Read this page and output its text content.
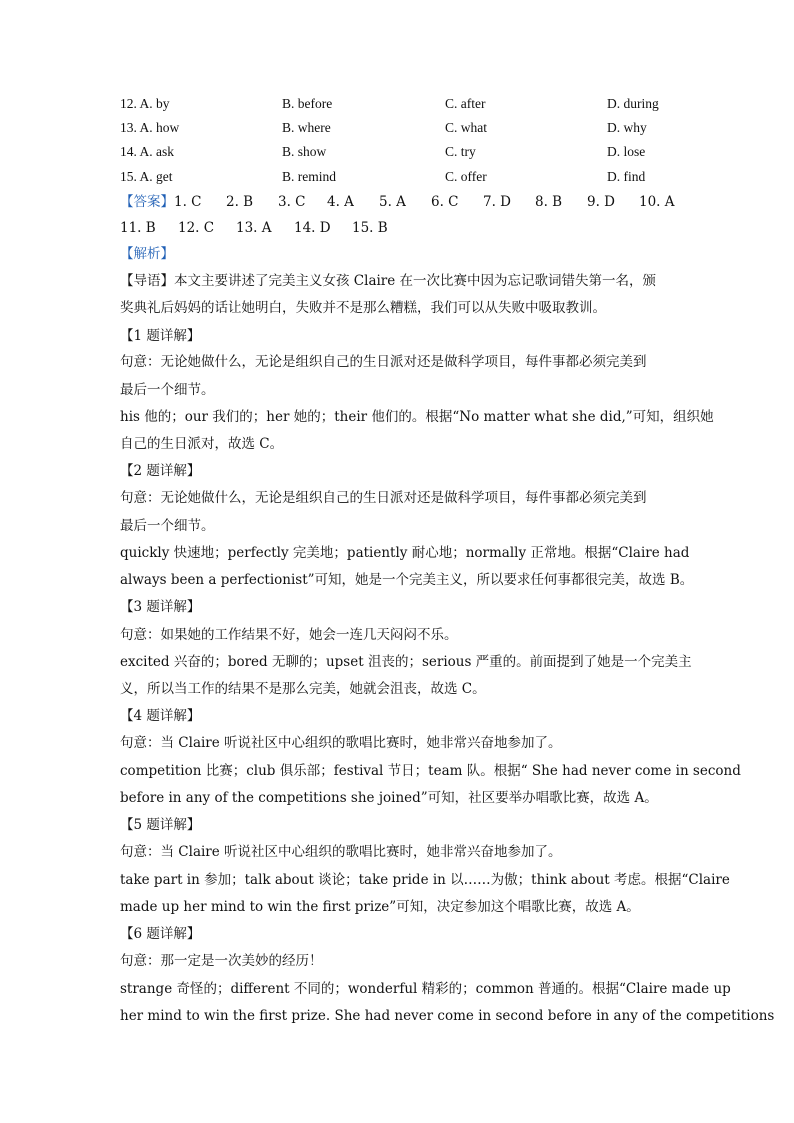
12. A. by	B. before	C. after	D. during
13. A. how	B. where	C. what	D. why
14. A. ask	B. show	C. try	D. lose
15. A. get	B. remind	C. offer	D. find
【答案】1. C 2. B 3. C 4. A 5. A 6. C 7. D 8. B 9. D 10. A
11. B 12. C 13. A 14. D 15. B
【解析】
【导语】本文主要讲述了完美主义女孩 Claire 在一次比赛中因为忘记歌词错失第一名，颁
奖典礼后妈妈的话让她明白，失败并不是那么糟糕，我们可以从失败中吸取教训。
【1 题详解】
句意：无论她做什么，无论是组织自己的生日派对还是做科学项目，每件事都必须完美到
最后一个细节。
his 他的；our 我们的；her 她的；their 他们的。根据“No matter what she did,”可知，组织她
自己的生日派对，故选 C。
【2 题详解】
句意：无论她做什么，无论是组织自己的生日派对还是做科学项目，每件事都必须完美到
最后一个细节。
quickly 快速地；perfectly 完美地；patiently 耐心地；normally 正常地。根据“Claire had
always been a perfectionist”可知，她是一个完美主义，所以要求任何事都很完美，故选 B。
【3 题详解】
句意：如果她的工作结果不好，她会一连几天闷闷不乐。
excited 兴奋的；bored 无聊的；upset 沮丧的；serious 严重的。前面提到了她是一个完美主
义，所以当工作的结果不是那么完美，她就会沮丧，故选 C。
【4 题详解】
句意：当 Claire 听说社区中心组织的歌唱比赛时，她非常兴奋地参加了。
competition 比赛；club 俱乐部；festival 节日；team 队。根据“ She had never come in second
before in any of the competitions she joined”可知，社区要举办唱歌比赛，故选 A。
【5 题详解】
句意：当 Claire 听说社区中心组织的歌唱比赛时，她非常兴奋地参加了。
take part in 参加；talk about 谈论；take pride in 以……为傲；think about 考虑。根据“Claire
made up her mind to win the first prize”可知，决定参加这个唱歌比赛，故选 A。
【6 题详解】
句意：那一定是一次美妙的经历！
strange 奇怪的；different 不同的；wonderful 精彩的；common 普通的。根据“Claire made up
her mind to win the first prize. She had never come in second before in any of the competitions
